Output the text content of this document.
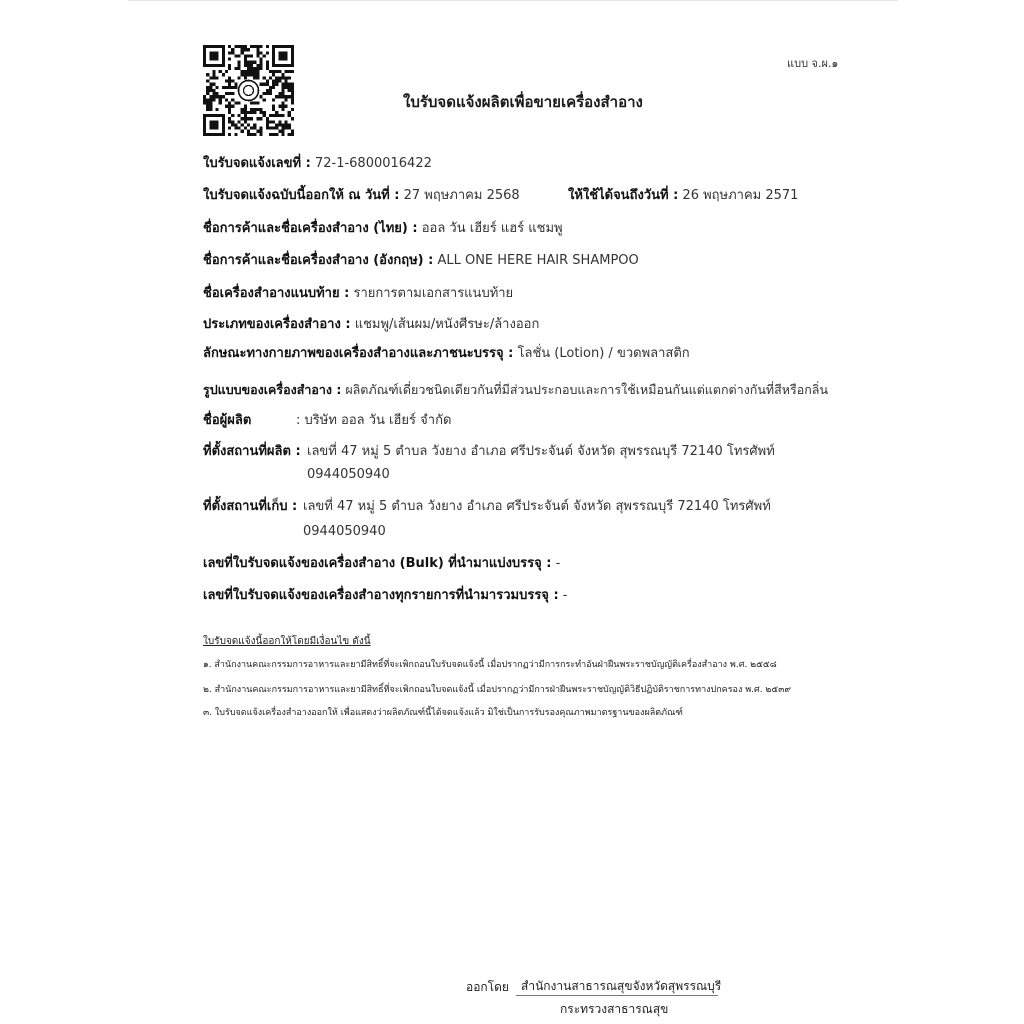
แบบ จ.ผ.๑
ใบรับจดแจ้งผลิตเพื่อขายเครื่องสำอาง
ใบรับจดแจ้งเลขที่ : 72-1-6800016422
ใบรับจดแจ้งฉบับนี้ออกให้ ณ วันที่ : 27 พฤษภาคม 2568	ให้ใช้ได้จนถึงวันที่ : 26 พฤษภาคม 2571
ชื่อการค้าและชื่อเครื่องสำอาง (ไทย) : ออล วัน เฮียร์ แฮร์ แชมพู
ชื่อการค้าและชื่อเครื่องสำอาง (อังกฤษ) : ALL ONE HERE HAIR SHAMPOO
ชื่อเครื่องสำอางแนบท้าย : รายการตามเอกสารแนบท้าย
ประเภทของเครื่องสำอาง : แชมพู/เส้นผม/หนังศีรษะ/ล้างออก
ลักษณะทางกายภาพของเครื่องสำอางและภาชนะบรรจุ : โลชั่น (Lotion) / ขวดพลาสติก
รูปแบบของเครื่องสำอาง : ผลิตภัณฑ์เดี่ยวชนิดเดียวกันที่มีส่วนประกอบและการใช้เหมือนกันแต่แตกต่างกันที่สีหรือกลิ่น
ชื่อผู้ผลิต	: บริษัท ออล วัน เฮียร์ จำกัด
ที่ตั้งสถานที่ผลิต : เลขที่ 47 หมู่ 5 ตำบล วังยาง อำเภอ ศรีประจันต์ จังหวัด สุพรรณบุรี 72140 โทรศัพท์
0944050940
ที่ตั้งสถานที่เก็บ : เลขที่ 47 หมู่ 5 ตำบล วังยาง อำเภอ ศรีประจันต์ จังหวัด สุพรรณบุรี 72140 โทรศัพท์
0944050940
เลขที่ใบรับจดแจ้งของเครื่องสำอาง (Bulk) ที่นำมาแบ่งบรรจุ : -
เลขที่ใบรับจดแจ้งของเครื่องสำอางทุกรายการที่นำมารวมบรรจุ : -
ใบรับจดแจ้งนี้ออกให้โดยมีเงื่อนไข ดังนี้
๑. สำนักงานคณะกรรมการอาหารและยามีสิทธิ์ที่จะเพิกถอนใบรับจดแจ้งนี้ เมื่อปรากฏว่ามีการกระทำอันฝ่าฝืนพระราชบัญญัติเครื่องสำอาง พ.ศ. ๒๕๕๘
๒. สำนักงานคณะกรรมการอาหารและยามีสิทธิ์ที่จะเพิกถอนใบจดแจ้งนี้ เมื่อปรากฏว่ามีการฝ่าฝืนพระราชบัญญัติวิธีปฏิบัติราชการทางปกครอง พ.ศ. ๒๕๓๙
๓. ใบรับจดแจ้งเครื่องสำอางออกให้ เพื่อแสดงว่าผลิตภัณฑ์นี้ได้จดแจ้งแล้ว มิใช่เป็นการรับรองคุณภาพมาตรฐานของผลิตภัณฑ์
ออกโดย สำนักงานสาธารณสุขจังหวัดสุพรรณบุรี
กระทรวงสาธารณสุข
